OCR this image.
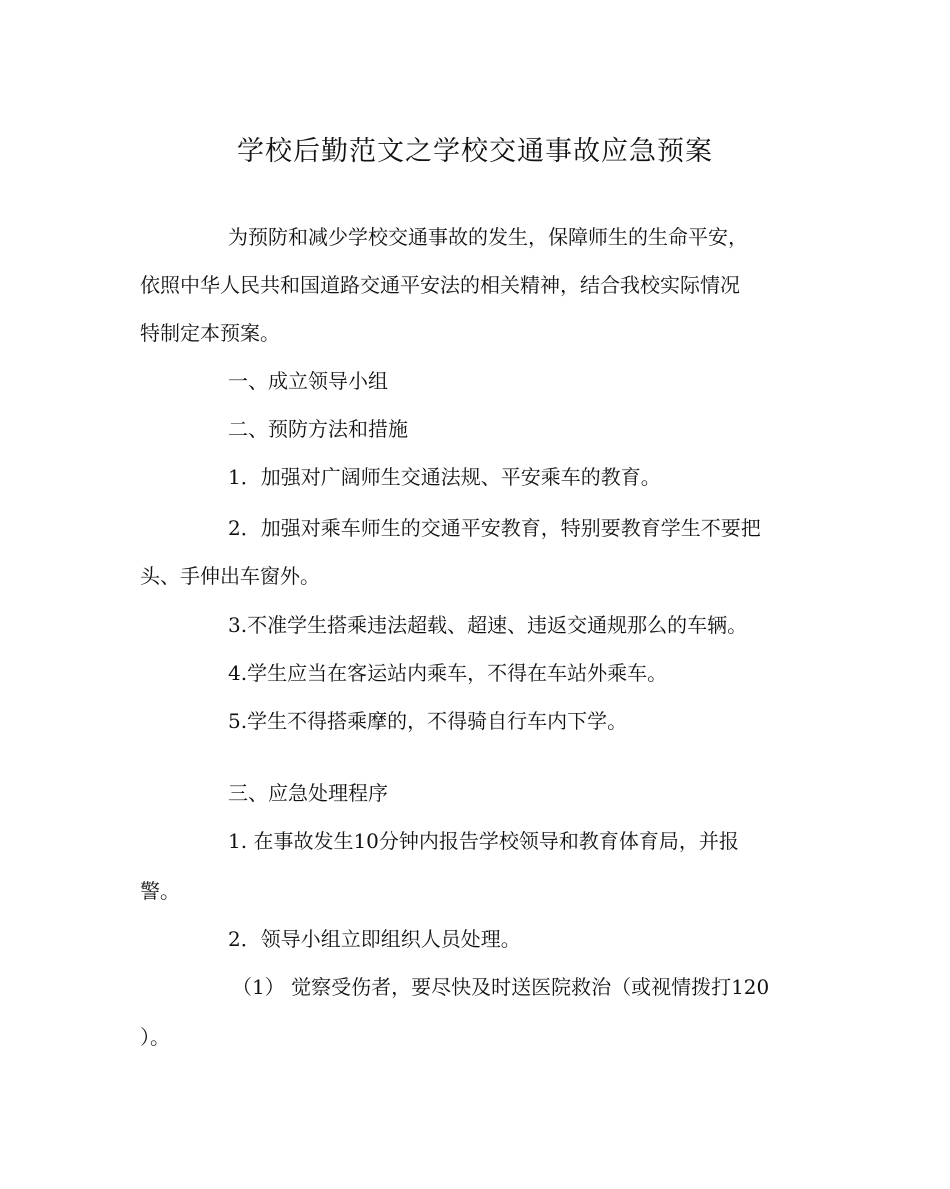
学校后勤范文之学校交通事故应急预案
为预防和减少学校交通事故的发生，保障师生的生命平安，
依照中华人民共和国道路交通平安法的相关精神，结合我校实际情况
特制定本预案。
一、成立领导小组
二、预防方法和措施
1．加强对广阔师生交通法规、平安乘车的教育。
2．加强对乘车师生的交通平安教育，特别要教育学生不要把
头、手伸出车窗外。
3.不准学生搭乘违法超载、超速、违返交通规那么的车辆。
4.学生应当在客运站内乘车，不得在车站外乘车。
5.学生不得搭乘摩的，不得骑自行车内下学。
三、应急处理程序
1. 在事故发生10分钟内报告学校领导和教育体育局，并报
警。
2．领导小组立即组织人员处理。
（1） 觉察受伤者，要尽快及时送医院救治（或视情拨打120
）。
